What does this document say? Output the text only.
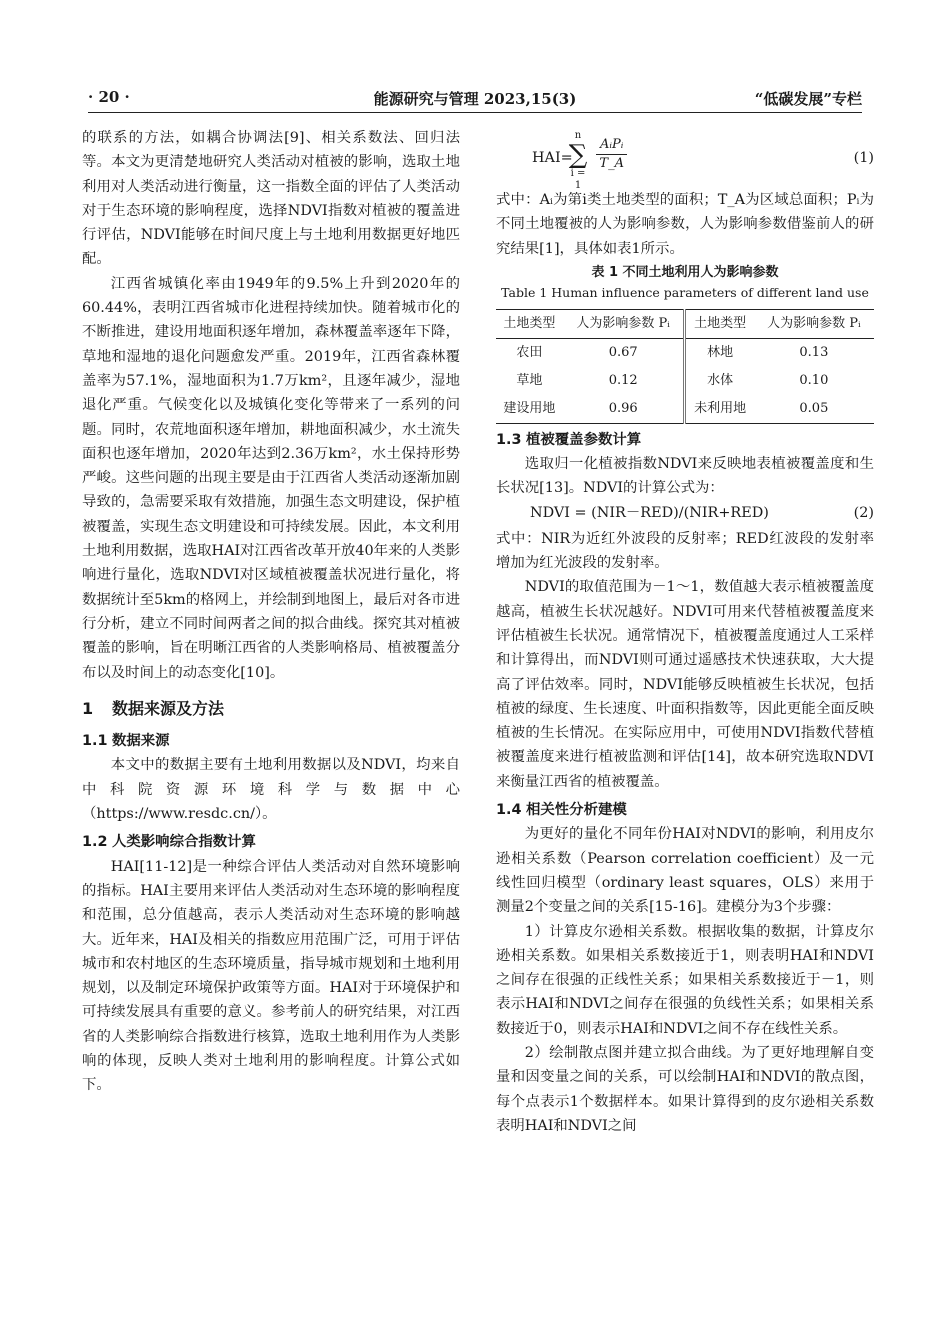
· 20 ·	能源研究与管理 2023,15(3)	“低碳发展”专栏

的联系的方法，如耦合协调法[9]、相关系数法、回归法等。本文为更清楚地研究人类活动对植被的影响，选取土地利用对人类活动进行衡量，这一指数全面的评估了人类活动对于生态环境的影响程度，选择NDVI指数对植被的覆盖进行评估，NDVI能够在时间尺度上与土地利用数据更好地匹配。

江西省城镇化率由1949年的9.5%上升到2020年的60.44%，表明江西省城市化进程持续加快。随着城市化的不断推进，建设用地面积逐年增加，森林覆盖率逐年下降，草地和湿地的退化问题愈发严重。2019年，江西省森林覆盖率为57.1%，湿地面积为1.7万km²，且逐年减少，湿地退化严重。气候变化以及城镇化变化等带来了一系列的问题。同时，农荒地面积逐年增加，耕地面积减少，水土流失面积也逐年增加，2020年达到2.36万km²，水土保持形势严峻。这些问题的出现主要是由于江西省人类活动逐渐加剧导致的，急需要采取有效措施，加强生态文明建设，保护植被覆盖，实现生态文明建设和可持续发展。因此，本文利用土地利用数据，选取HAI对江西省改革开放40年来的人类影响进行量化，选取NDVI对区域植被覆盖状况进行量化，将数据统计至5km的格网上，并绘制到地图上，最后对各市进行分析，建立不同时间两者之间的拟合曲线。探究其对植被覆盖的影响，旨在明晰江西省的人类影响格局、植被覆盖分布以及时间上的动态变化[10]。

1 数据来源及方法
1.1 数据来源

本文中的数据主要有土地利用数据以及NDVI，均来自中科院资源环境科学与数据中心（https://www.resdc.cn/）。

1.2 人类影响综合指数计算

HAI[11-12]是一种综合评估人类活动对自然环境影响的指标。HAI主要用来评估人类活动对生态环境的影响程度和范围，总分值越高，表示人类活动对生态环境的影响越大。近年来，HAI及相关的指数应用范围广泛，可用于评估城市和农村地区的生态环境质量，指导城市规划和土地利用规划，以及制定环境保护政策等方面。HAI对于环境保护和可持续发展具有重要的意义。参考前人的研究结果，对江西省的人类影响综合指数进行核算，选取土地利用作为人类影响的体现，反映人类对土地利用的影响程度。计算公式如下。

HAI=
n
∑
i = 1
AᵢPᵢ
T_A	(1)

式中：Aᵢ为第i类土地类型的面积；T_A为区域总面积；Pᵢ为不同土地覆被的人为影响参数，人为影响参数借鉴前人的研究结果[1]，具体如表1所示。

表 1 不同土地利用人为影响参数
Table 1 Human influence parameters of different land use
土地类型	人为影响参数 Pᵢ	土地类型	人为影响参数 Pᵢ
农田	0.67	林地	0.13
草地	0.12	水体	0.10
建设用地	0.96	未利用地	0.05
1.3 植被覆盖参数计算

选取归一化植被指数NDVI来反映地表植被覆盖度和生长状况[13]。NDVI的计算公式为：

NDVI = (NIR－RED)/(NIR+RED)	(2)

式中：NIR为近红外波段的反射率；RED红波段的发射率增加为红光波段的发射率。

NDVI的取值范围为－1～1，数值越大表示植被覆盖度越高，植被生长状况越好。NDVI可用来代替植被覆盖度来评估植被生长状况。通常情况下，植被覆盖度通过人工采样和计算得出，而NDVI则可通过遥感技术快速获取，大大提高了评估效率。同时，NDVI能够反映植被生长状况，包括植被的绿度、生长速度、叶面积指数等，因此更能全面反映植被的生长情况。在实际应用中，可使用NDVI指数代替植被覆盖度来进行植被监测和评估[14]，故本研究选取NDVI来衡量江西省的植被覆盖。

1.4 相关性分析建模

为更好的量化不同年份HAI对NDVI的影响，利用皮尔逊相关系数（Pearson correlation coefficient）及一元线性回归模型（ordinary least squares，OLS）来用于测量2个变量之间的关系[15-16]。建模分为3个步骤：

1）计算皮尔逊相关系数。根据收集的数据，计算皮尔逊相关系数。如果相关系数接近于1，则表明HAI和NDVI之间存在很强的正线性关系；如果相关系数接近于－1，则表示HAI和NDVI之间存在很强的负线性关系；如果相关系数接近于0，则表示HAI和NDVI之间不存在线性关系。

2）绘制散点图并建立拟合曲线。为了更好地理解自变量和因变量之间的关系，可以绘制HAI和NDVI的散点图，每个点表示1个数据样本。如果计算得到的皮尔逊相关系数表明HAI和NDVI之间
